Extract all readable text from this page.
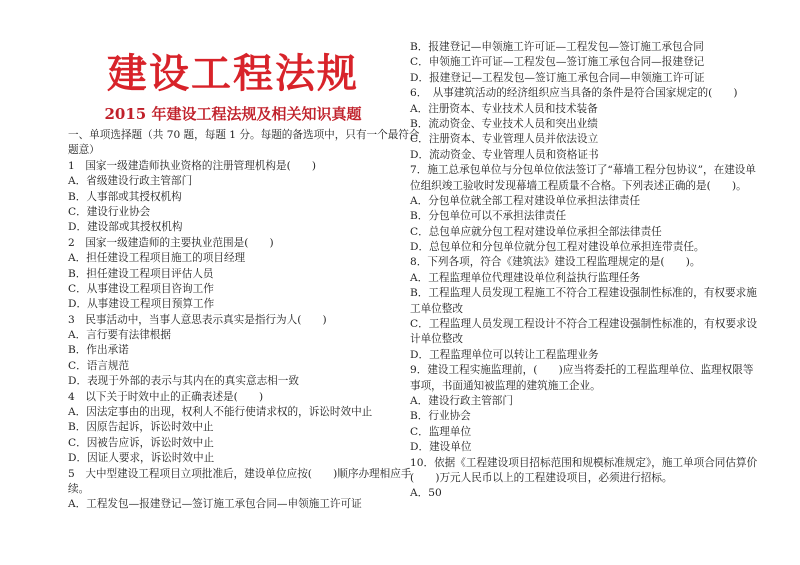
建设工程法规
2015 年建设工程法规及相关知识真题
一、单项选择题（共 70 题，每题 1 分。每题的备选项中，只有一个最符合
题意）
1　国家一级建造师执业资格的注册管理机构是(　　)
A．省级建设行政主管部门
B．人事部或其授权机构
C．建设行业协会
D．建设部或其授权机构
2　国家一级建造师的主要执业范围是(　　)
A．担任建设工程项目施工的项目经理
B．担任建设工程项目评估人员
C．从事建设工程项目咨询工作
D．从事建设工程项目预算工作
3　民事活动中，当事人意思表示真实是指行为人(　　)
A．言行要有法律根据
B．作出承诺
C．语言规范
D．表现于外部的表示与其内在的真实意志相一致
4　以下关于时效中止的正确表述是(　　)
A．因法定事由的出现，权利人不能行使请求权的，诉讼时效中止
B．因原告起诉，诉讼时效中止
C．因被告应诉，诉讼时效中止
D．因证人要求，诉讼时效中止
5　大中型建设工程项目立项批准后，建设单位应按(　　)顺序办理相应手
续。
A．工程发包—报建登记—签订施工承包合同—申领施工许可证
B．报建登记—申领施工许可证—工程发包—签订施工承包合同
C．申领施工许可证—工程发包—签订施工承包合同—报建登记
D．报建登记—工程发包—签订施工承包合同—申领施工许可证
6．　从事建筑活动的经济组织应当具备的条件是符合国家规定的(　　)
A．注册资本、专业技术人员和技术装备
B．流动资金、专业技术人员和突出业绩
C．注册资本、专业管理人员并依法设立
D．流动资金、专业管理人员和资格证书
7．施工总承包单位与分包单位依法签订了“幕墙工程分包协议”，在建设单
位组织竣工验收时发现幕墙工程质量不合格。下列表述正确的是(　　)。
A．分包单位就全部工程对建设单位承担法律责任
B．分包单位可以不承担法律责任
C．总包单应就分包工程对建设单位承担全部法律责任
D．总包单位和分包单位就分包工程对建设单位承担连带责任。
8．下列各项，符合《建筑法》建设工程监理规定的是(　　)。
A．工程监理单位代理建设单位利益执行监理任务
B．工程监理人员发现工程施工不符合工程建设强制性标准的，有权要求施
工单位整改
C．工程监理人员发现工程设计不符合工程建设强制性标准的，有权要求设
计单位整改
D．工程监理单位可以转让工程监理业务
9．建设工程实施监理前，(　　)应当将委托的工程监理单位、监理权限等
事项，书面通知被监理的建筑施工企业。
A．建设行政主管部门
B．行业协会
C．监理单位
D．建设单位
10．依据《工程建设项目招标范围和规模标准规定》，施工单项合同估算价
(　　)万元人民币以上的工程建设项目，必须进行招标。
A．50
